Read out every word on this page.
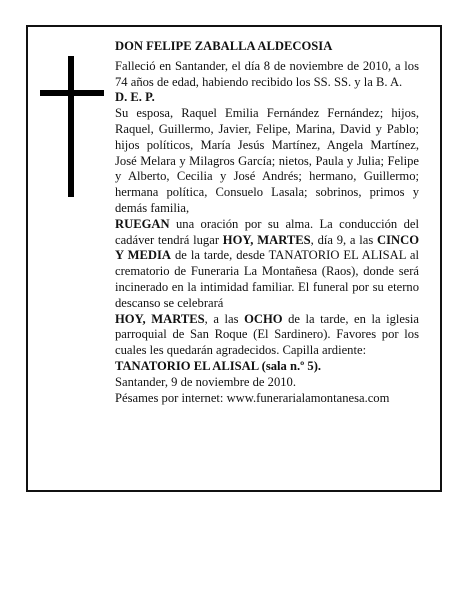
DON FELIPE ZABALLA ALDECOSIA

Falleció en Santander, el día 8 de noviembre de 2010, a los 74 años de edad, habiendo recibido los SS. SS. y la B. A.

D. E. P.

Su esposa, Raquel Emilia Fernández Fernández; hijos, Raquel, Guillermo, Javier, Felipe, Marina, David y Pablo; hijos políticos, María Jesús Martínez, Angela Martínez, José Melara y Milagros García; nietos, Paula y Julia; Felipe y Alberto, Cecilia y José Andrés; hermano, Guillermo; hermana política, Consuelo Lasala; sobrinos, primos y demás familia,

RUEGAN una oración por su alma. La conducción del cadáver tendrá lugar HOY, MARTES, día 9, a las CINCO Y MEDIA de la tarde, desde TANATORIO EL ALISAL al crematorio de Funeraria La Montañesa (Raos), donde será incinerado en la intimidad familiar. El funeral por su eterno descanso se celebrará

HOY, MARTES, a las OCHO de la tarde, en la iglesia parroquial de San Roque (El Sardinero). Favores por los cuales les quedarán agradecidos. Capilla ardiente:

TANATORIO EL ALISAL (sala n.º 5).

Santander, 9 de noviembre de 2010.

Pésames por internet: www.funerarialamontanesa.com
